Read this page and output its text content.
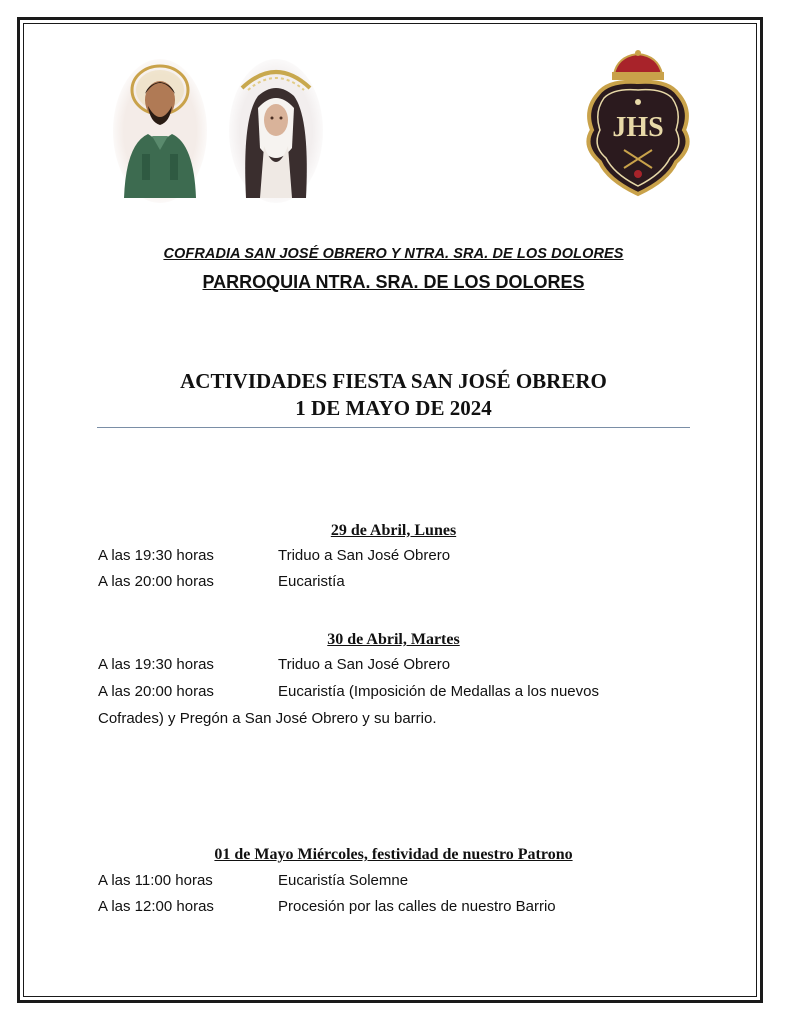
JHS
COFRADIA SAN JOSÉ OBRERO Y NTRA. SRA. DE LOS DOLORES
PARROQUIA NTRA. SRA. DE LOS DOLORES
ACTIVIDADES FIESTA SAN JOSÉ OBRERO
1 DE MAYO DE 2024
29 de Abril, Lunes
A las 19:30 horas	Triduo a San José Obrero
A las 20:00 horas	Eucaristía
30 de Abril, Martes
A las 19:30 horas	Triduo a San José Obrero
A las 20:00 horas	Eucaristía (Imposición de Medallas a los nuevos
Cofrades) y Pregón a San José Obrero y su barrio.
01 de Mayo Miércoles, festividad de nuestro Patrono
A las 11:00 horas	Eucaristía Solemne
A las 12:00 horas	Procesión por las calles de nuestro Barrio
